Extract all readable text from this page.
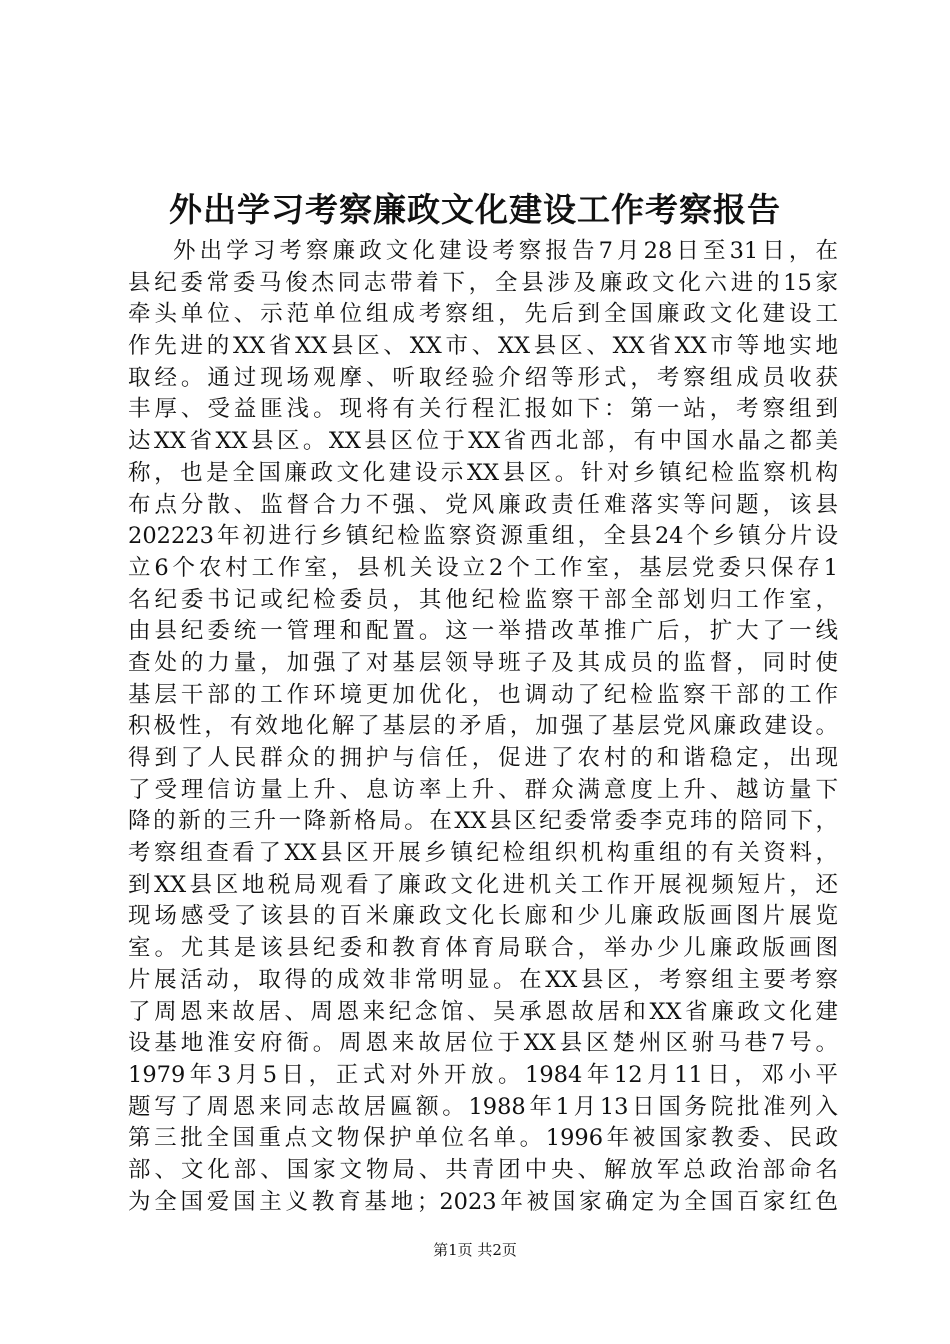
外出学习考察廉政文化建设工作考察报告
外出学习考察廉政文化建设考察报告7月28日至31日，在
县纪委常委马俊杰同志带着下，全县涉及廉政文化六进的15家
牵头单位、示范单位组成考察组，先后到全国廉政文化建设工
作先进的XX省XX县区、XX市、XX县区、XX省XX市等地实地
取经。通过现场观摩、听取经验介绍等形式，考察组成员收获
丰厚、受益匪浅。现将有关行程汇报如下：第一站，考察组到
达XX省XX县区。XX县区位于XX省西北部，有中国水晶之都美
称，也是全国廉政文化建设示XX县区。针对乡镇纪检监察机构
布点分散、监督合力不强、党风廉政责任难落实等问题，该县
202223年初进行乡镇纪检监察资源重组，全县24个乡镇分片设
立6个农村工作室，县机关设立2个工作室，基层党委只保存1
名纪委书记或纪检委员，其他纪检监察干部全部划归工作室，
由县纪委统一管理和配置。这一举措改革推广后，扩大了一线
查处的力量，加强了对基层领导班子及其成员的监督，同时使
基层干部的工作环境更加优化，也调动了纪检监察干部的工作
积极性，有效地化解了基层的矛盾，加强了基层党风廉政建设。
得到了人民群众的拥护与信任，促进了农村的和谐稳定，出现
了受理信访量上升、息访率上升、群众满意度上升、越访量下
降的新的三升一降新格局。在XX县区纪委常委李克玮的陪同下，
考察组查看了XX县区开展乡镇纪检组织机构重组的有关资料，
到XX县区地税局观看了廉政文化进机关工作开展视频短片，还
现场感受了该县的百米廉政文化长廊和少儿廉政版画图片展览
室。尤其是该县纪委和教育体育局联合，举办少儿廉政版画图
片展活动，取得的成效非常明显。在XX县区，考察组主要考察
了周恩来故居、周恩来纪念馆、吴承恩故居和XX省廉政文化建
设基地淮安府衙。周恩来故居位于XX县区楚州区驸马巷7号。
1979年3月5日，正式对外开放。1984年12月11日，邓小平
题写了周恩来同志故居匾额。1988年1月13日国务院批准列入
第三批全国重点文物保护单位名单。1996年被国家教委、民政
部、文化部、国家文物局、共青团中央、解放军总政治部命名
为全国爱国主义教育基地；2023年被国家确定为全国百家红色
第1页 共2页
